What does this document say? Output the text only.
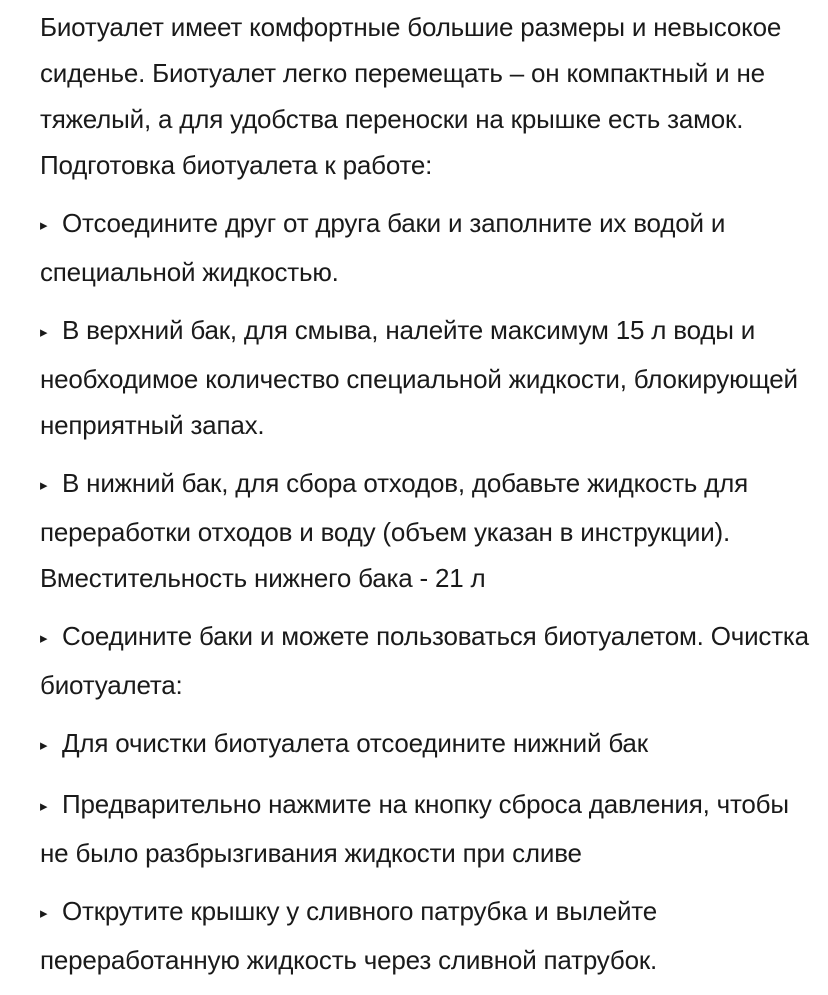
Биотуалет имеет комфортные большие размеры и невысокое сиденье. Биотуалет легко перемещать – он компактный и не тяжелый, а для удобства переноски на крышке есть замок. Подготовка биотуалета к работе:

▸ Отсоедините друг от друга баки и заполните их водой и специальной жидкостью.

▸ В верхний бак, для смыва, налейте максимум 15 л воды и необходимое количество специальной жидкости, блокирующей неприятный запах.

▸ В нижний бак, для сбора отходов, добавьте жидкость для переработки отходов и воду (объем указан в инструкции). Вместительность нижнего бака - 21 л

▸ Соедините баки и можете пользоваться биотуалетом. Очистка биотуалета:

▸ Для очистки биотуалета отсоедините нижний бак

▸ Предварительно нажмите на кнопку сброса давления, чтобы не было разбрызгивания жидкости при сливе

▸ Открутите крышку у сливного патрубка и вылейте переработанную жидкость через сливной патрубок.
